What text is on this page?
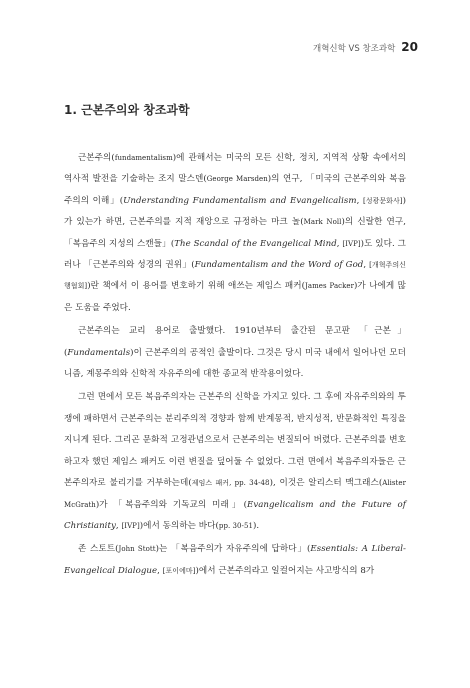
개혁신학 VS 창조과학 20
1. 근본주의와 창조과학

근본주의(fundamentalism)에 관해서는 미국의 모든 신학, 정치, 지역적 상황 속에서의 역사적 발전을 기술하는 조지 말스덴(George Marsden)의 연구, 「미국의 근본주의와 복음주의의 이해」(Understanding Fundamentalism and Evangelicalism, [성광문화사])가 있는가 하면, 근본주의를 지적 재앙으로 규정하는 마크 놀(Mark Noll)의 신랄한 연구, 「복음주의 지성의 스캔들」(The Scandal of the Evangelical Mind, [IVP])도 있다. 그러나 「근본주의와 성경의 권위」(Fundamentalism and the Word of God, [개혁주의신행협회])란 책에서 이 용어를 변호하기 위해 애쓰는 제임스 패커(James Packer)가 나에게 많은 도움을 주었다.

근본주의는 교리 용어로 출발했다. 1910년부터 출간된 문고판 「근본」(Fundamentals)이 근본주의의 공적인 출발이다. 그것은 당시 미국 내에서 일어나던 모더니즘, 계몽주의와 신학적 자유주의에 대한 종교적 반작용이었다.

그런 면에서 모든 복음주의자는 근본주의 신학을 가지고 있다. 그 후에 자유주의와의 투쟁에 패하면서 근본주의는 분리주의적 경향과 함께 반계몽적, 반지성적, 반문화적인 특징을 지니게 된다. 그리곤 문화적 고정관념으로서 근본주의는 변질되어 버렸다. 근본주의를 변호하고자 했던 제임스 패커도 이런 변질을 덮어둘 수 없었다. 그런 면에서 복음주의자들은 근본주의자로 불리기를 거부하는데(제임스 패커, pp. 34-48), 이것은 알리스터 맥그래스(Alister McGrath)가 「복음주의와 기독교의 미래」(Evangelicalism and the Future of Christianity, [IVP])에서 동의하는 바다(pp. 30-51).

존 스토트(John Stott)는 「복음주의가 자유주의에 답하다」(Essentials: A Liberal-Evangelical Dialogue, [포이에마])에서 근본주의라고 일컬어지는 사고방식의 8가
